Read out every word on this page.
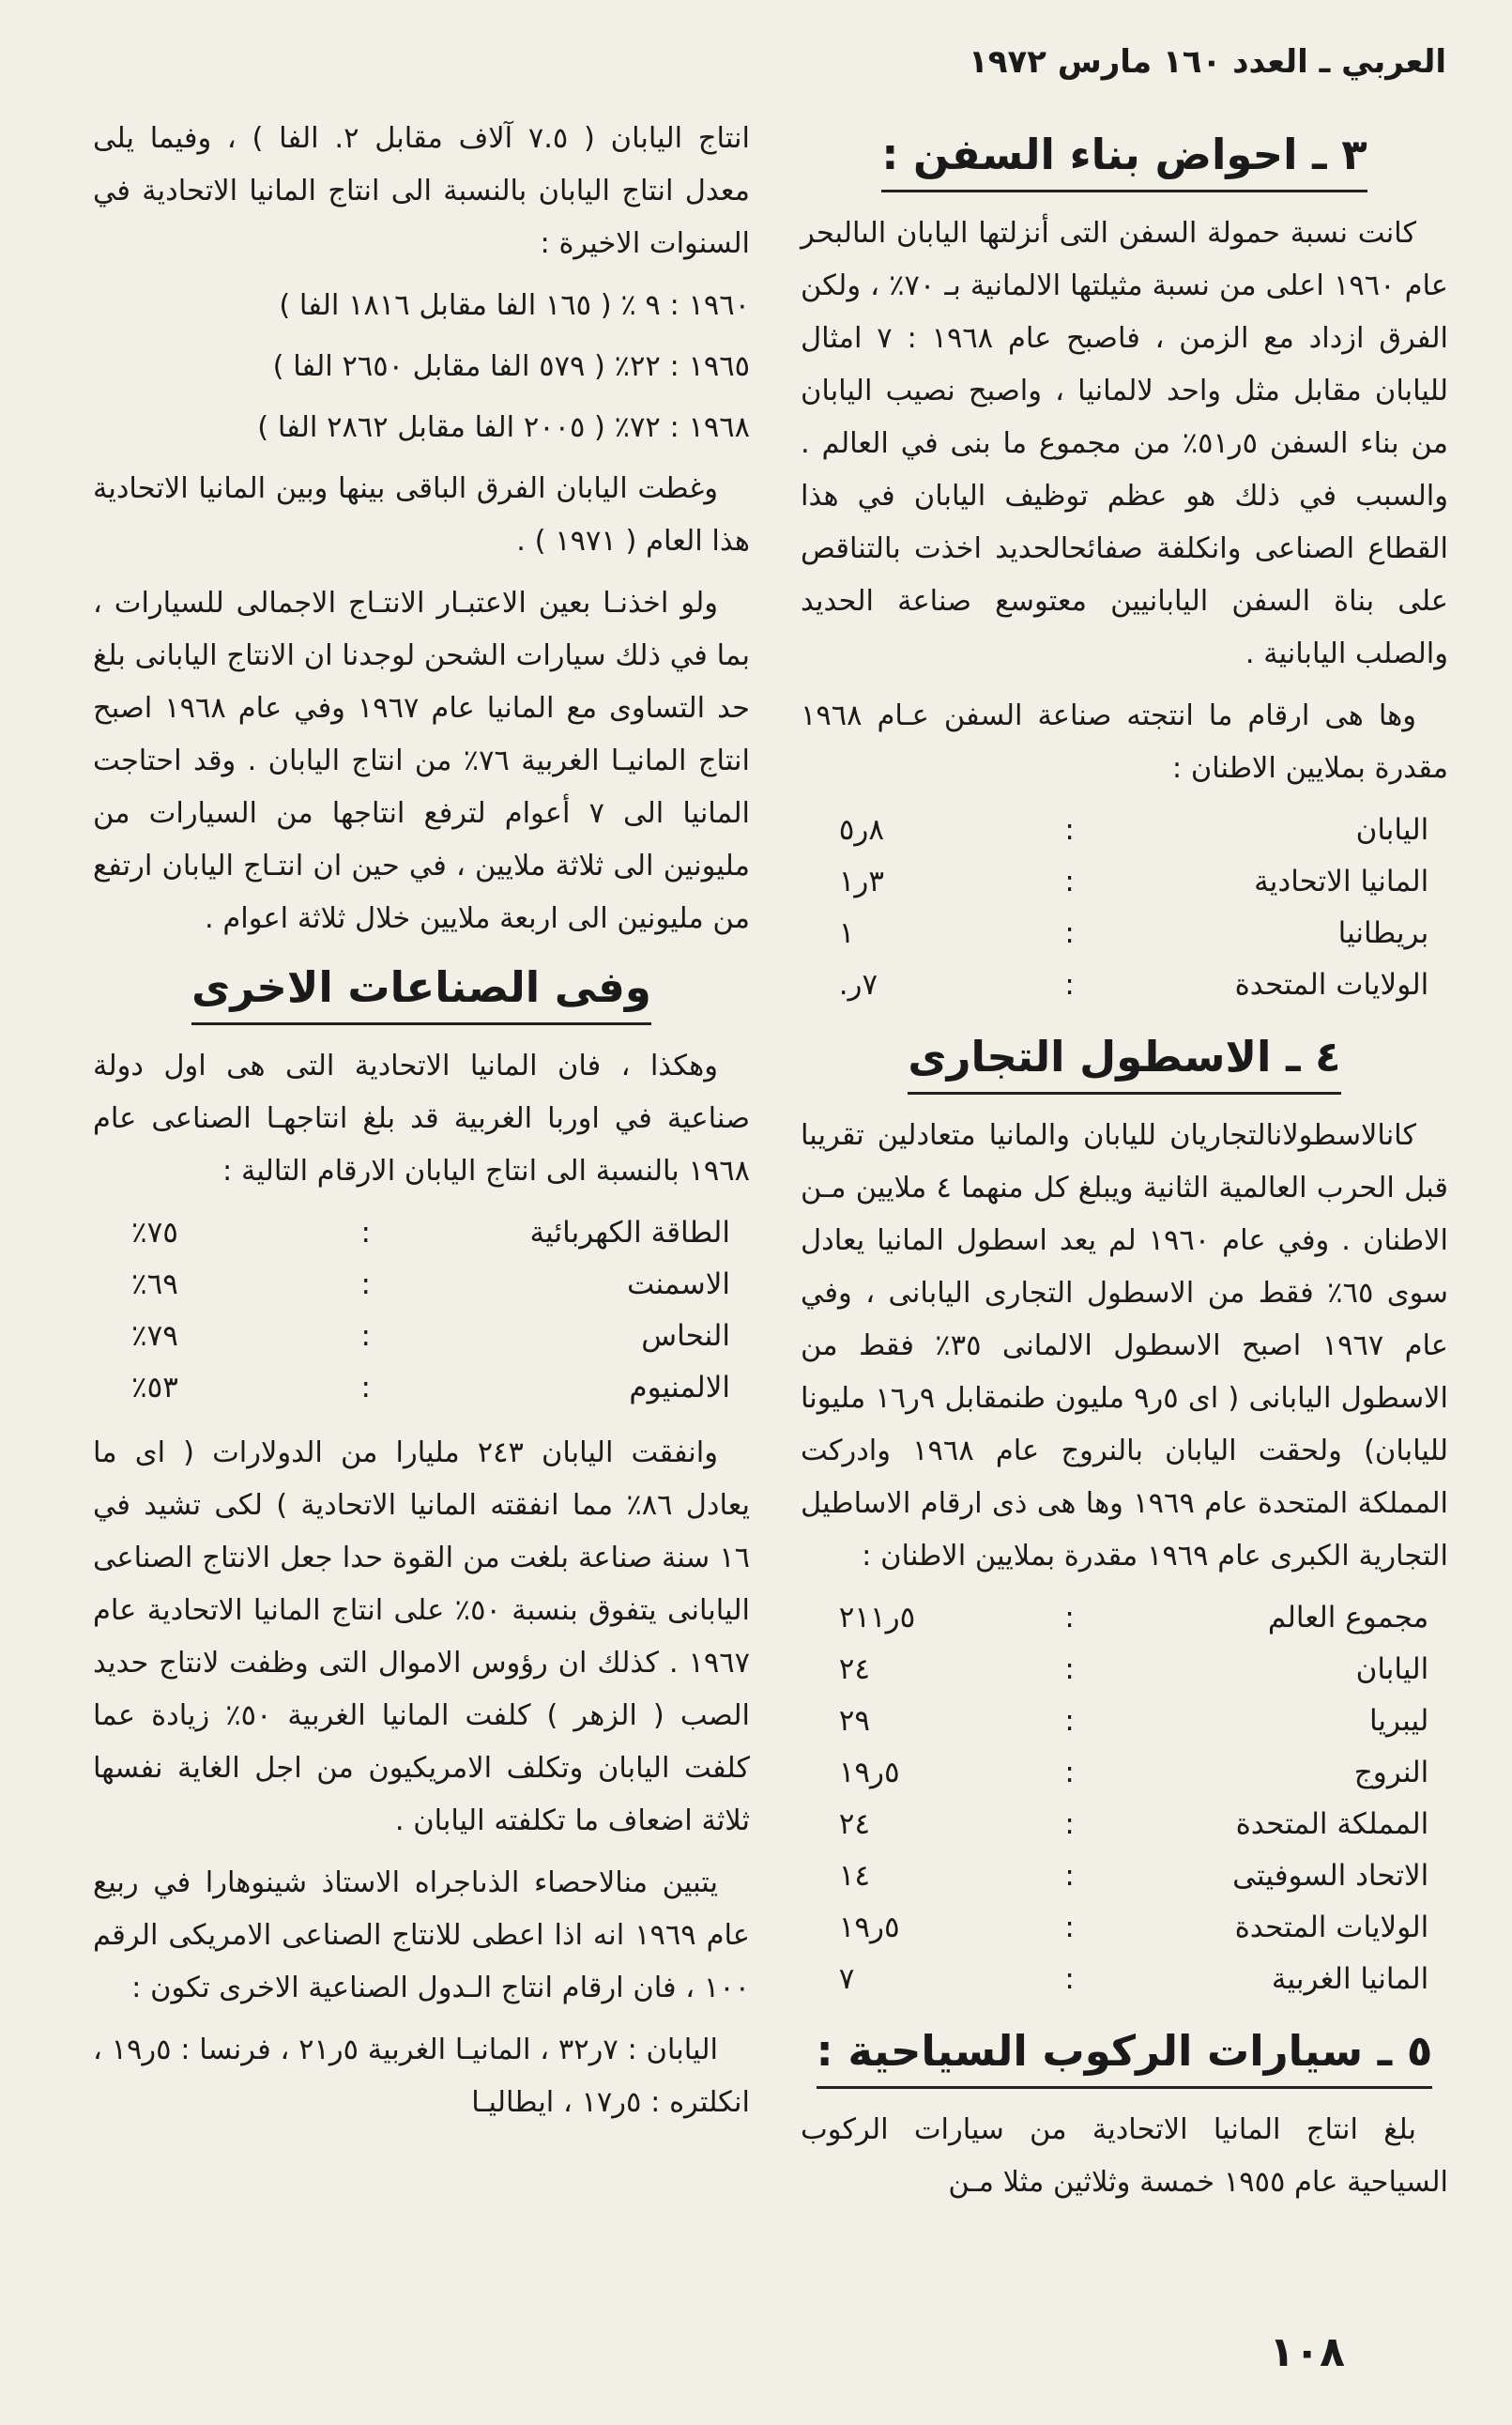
العربي ـ العدد ١٦٠ مارس ١٩٧٢
٣ ـ احواض بناء السفن :

كانت نسبة حمولة السفن التى أنزلتها اليابان الىالبحر عام ١٩٦٠ اعلى من نسبة مثيلتها الالمانية بـ ٧٠٪ ، ولكن الفرق ازداد مع الزمن ، فاصبح عام ١٩٦٨ : ٧ امثال لليابان مقابل مثل واحد لالمانيا ، واصبح نصيب اليابان من بناء السفن ٥ر٥١٪ من مجموع ما بنى في العالم . والسبب في ذلك هو عظم توظيف اليابان في هذا القطاع الصناعى وانكلفة صفائحالحديد اخذت بالتناقص على بناة السفن اليابانيين معتوسع صناعة الحديد والصلب اليابانية .

وها هى ارقام ما انتجته صناعة السفن عـام ١٩٦٨ مقدرة بملايين الاطنان :

اليابان	:	٨ر٥
المانيا الاتحادية	:	٣ر١
بريطانيا	:	١
الولايات المتحدة	:	٧ر.
٤ ـ الاسطول التجارى

كانالاسطولانالتجاريان لليابان والمانيا متعادلين تقريبا قبل الحرب العالمية الثانية ويبلغ كل منهما ٤ ملايين مـن الاطنان . وفي عام ١٩٦٠ لم يعد اسطول المانيا يعادل سوى ٦٥٪ فقط من الاسطول التجارى اليابانى ، وفي عام ١٩٦٧ اصبح الاسطول الالمانى ٣٥٪ فقط من الاسطول اليابانى ( اى ٥ر٩ مليون طنمقابل ٩ر١٦ مليونا لليابان) ولحقت اليابان بالنروج عام ١٩٦٨ وادركت المملكة المتحدة عام ١٩٦٩ وها هى ذى ارقام الاساطيل التجارية الكبرى عام ١٩٦٩ مقدرة بملايين الاطنان :

مجموع العالم	:	٥ر٢١١
اليابان	:	٢٤
ليبريا	:	٢٩
النروج	:	٥ر١٩
المملكة المتحدة	:	٢٤
الاتحاد السوفيتى	:	١٤
الولايات المتحدة	:	٥ر١٩
المانيا الغربية	:	٧
٥ ـ سيارات الركوب السياحية :

بلغ انتاج المانيا الاتحادية من سيارات الركوب السياحية عام ١٩٥٥ خمسة وثلاثين مثلا مـن

انتاج اليابان ( ٧.٥ آلاف مقابل ٢. الفا ) ، وفيما يلى معدل انتاج اليابان بالنسبة الى انتاج المانيا الاتحادية في السنوات الاخيرة :

١٩٦٠ : ٩ ٪ ( ١٦٥ الفا مقابل ١٨١٦ الفا )

١٩٦٥ : ٢٢٪ ( ٥٧٩ الفا مقابل ٢٦٥٠ الفا )

١٩٦٨ : ٧٢٪ ( ٢٠٠٥ الفا مقابل ٢٨٦٢ الفا )

وغطت اليابان الفرق الباقى بينها وبين المانيا الاتحادية هذا العام ( ١٩٧١ ) .

ولو اخذنـا بعين الاعتبـار الانتـاج الاجمالى للسيارات ، بما في ذلك سيارات الشحن لوجدنا ان الانتاج اليابانى بلغ حد التساوى مع المانيا عام ١٩٦٧ وفي عام ١٩٦٨ اصبح انتاج المانيـا الغربية ٧٦٪ من انتاج اليابان . وقد احتاجت المانيا الى ٧ أعوام لترفع انتاجها من السيارات من مليونين الى ثلاثة ملايين ، في حين ان انتـاج اليابان ارتفع من مليونين الى اربعة ملايين خلال ثلاثة اعوام .

وفى الصناعات الاخرى

وهكذا ، فان المانيا الاتحادية التى هى اول دولة صناعية في اوربا الغربية قد بلغ انتاجهـا الصناعى عام ١٩٦٨ بالنسبة الى انتاج اليابان الارقام التالية :

الطاقة الكهربائية	:	٧٥٪
الاسمنت	:	٦٩٪
النحاس	:	٧٩٪
الالمنيوم	:	٥٣٪

وانفقت اليابان ٢٤٣ مليارا من الدولارات ( اى ما يعادل ٨٦٪ مما انفقته المانيا الاتحادية ) لكى تشيد في ١٦ سنة صناعة بلغت من القوة حدا جعل الانتاج الصناعى اليابانى يتفوق بنسبة ٥٠٪ على انتاج المانيا الاتحادية عام ١٩٦٧ . كذلك ان رؤوس الاموال التى وظفت لانتاج حديد الصب ( الزهر ) كلفت المانيا الغربية ٥٠٪ زيادة عما كلفت اليابان وتكلف الامريكيون من اجل الغاية نفسها ثلاثة اضعاف ما تكلفته اليابان .

يتبين منالاحصاء الذىاجراه الاستاذ شينوهارا في ربيع عام ١٩٦٩ انه اذا اعطى للانتاج الصناعى الامريكى الرقم ١٠٠ ، فان ارقام انتاج الـدول الصناعية الاخرى تكون :

اليابان : ٧ر٣٢ ، المانيـا الغربية ٥ر٢١ ، فرنسا : ٥ر١٩ ، انكلتره : ٥ر١٧ ، ايطاليـا

١٠٨
